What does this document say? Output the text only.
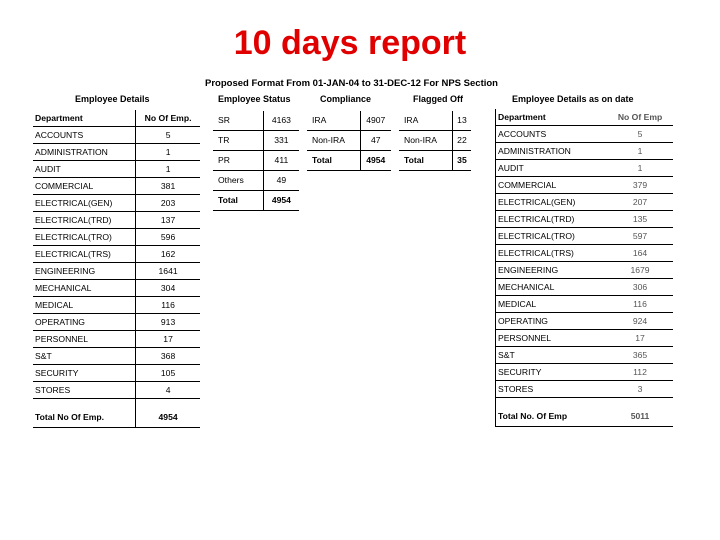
10 days report
Proposed Format From 01-JAN-04 to 31-DEC-12 For NPS Section
Employee Details	Employee Status	Compliance	Flagged Off	Employee Details as on date
Department	No Of Emp.
ACCOUNTS	5
ADMINISTRATION	1
AUDIT	1
COMMERCIAL	381
ELECTRICAL(GEN)	203
ELECTRICAL(TRD)	137
ELECTRICAL(TRO)	596
ELECTRICAL(TRS)	162
ENGINEERING	1641
MECHANICAL	304
MEDICAL	116
OPERATING	913
PERSONNEL	17
S&T	368
SECURITY	105
STORES	4

Total No Of Emp.	4954
SR	4163
TR	331
PR	411
Others	49
Total	4954
IRA	4907
Non-IRA	47
Total	4954
IRA	13
Non-IRA	22
Total	35
Department	No Of Emp
ACCOUNTS	5
ADMINISTRATION	1
AUDIT	1
COMMERCIAL	379
ELECTRICAL(GEN)	207
ELECTRICAL(TRD)	135
ELECTRICAL(TRO)	597
ELECTRICAL(TRS)	164
ENGINEERING	1679
MECHANICAL	306
MEDICAL	116
OPERATING	924
PERSONNEL	17
S&T	365
SECURITY	112
STORES	3

Total No. Of Emp	5011
